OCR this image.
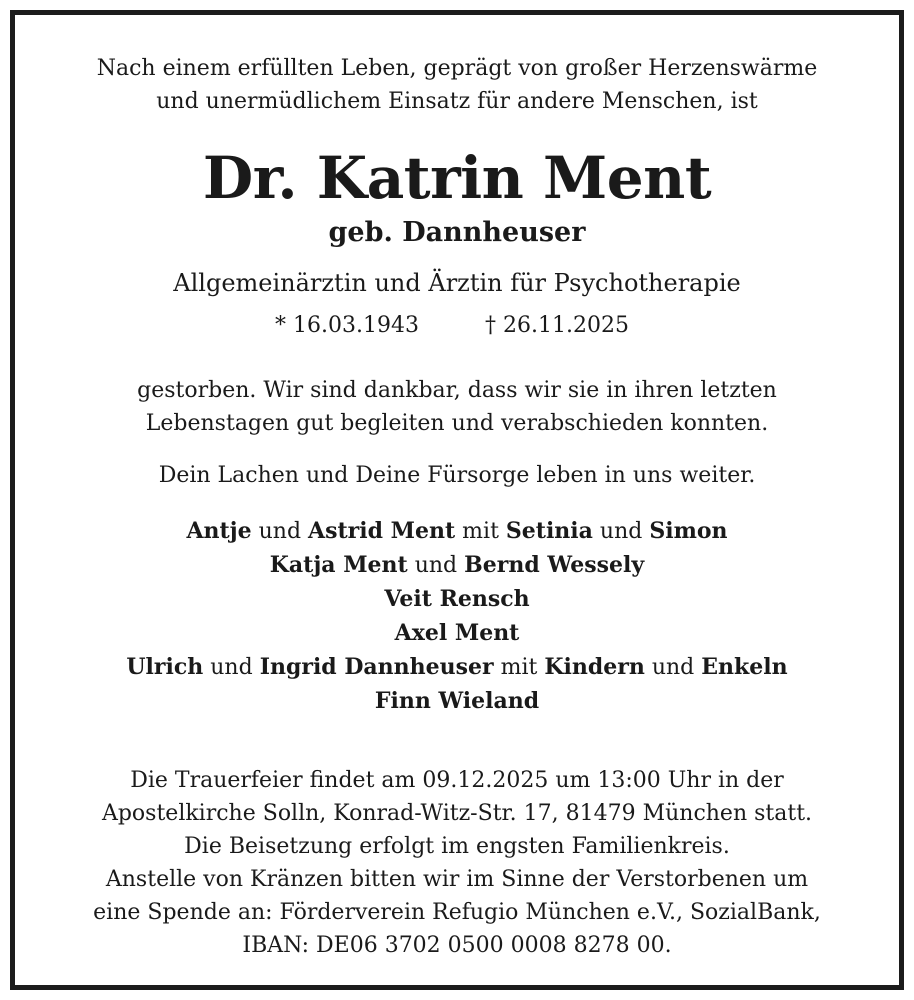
Nach einem erfüllten Leben, geprägt von großer Herzenswärme
und unermüdlichem Einsatz für andere Menschen, ist
Dr. Katrin Ment
geb. Dannheuser
Allgemeinärztin und Ärztin für Psychotherapie
* 16.03.1943	† 26.11.2025
gestorben. Wir sind dankbar, dass wir sie in ihren letzten
Lebenstagen gut begleiten und verabschieden konnten.
Dein Lachen und Deine Fürsorge leben in uns weiter.
Antje und Astrid Ment mit Setinia und Simon
Katja Ment und Bernd Wessely
Veit Rensch
Axel Ment
Ulrich und Ingrid Dannheuser mit Kindern und Enkeln
Finn Wieland
Die Trauerfeier findet am 09.12.2025 um 13:00 Uhr in der
Apostelkirche Solln, Konrad-Witz-Str. 17, 81479 München statt.
Die Beisetzung erfolgt im engsten Familienkreis.
Anstelle von Kränzen bitten wir im Sinne der Verstorbenen um
eine Spende an: Förderverein Refugio München e.V., SozialBank,
IBAN: DE06 3702 0500 0008 8278 00.
